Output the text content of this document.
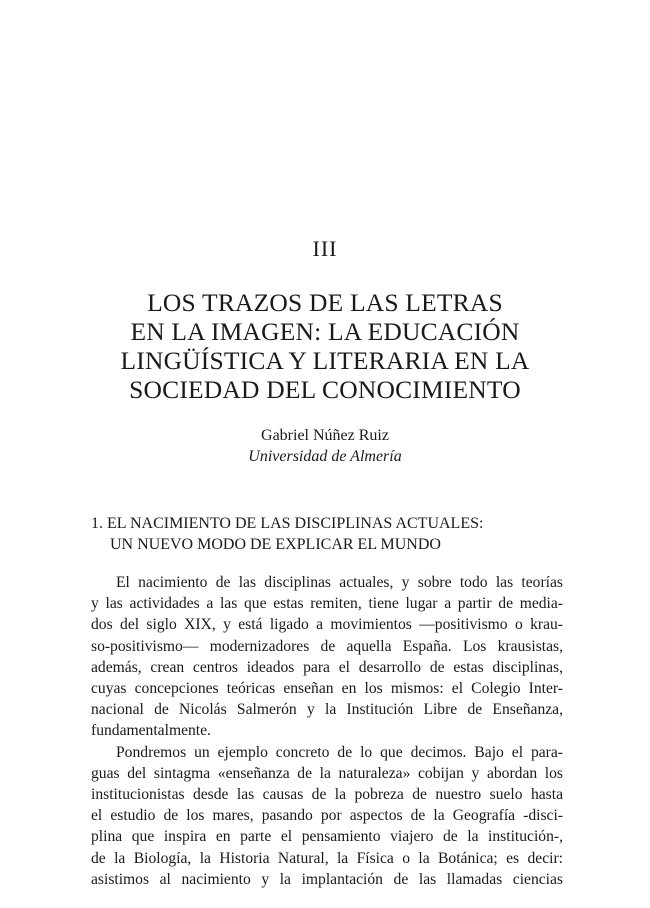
III
LOS TRAZOS DE LAS LETRAS
EN LA IMAGEN: LA EDUCACIÓN
LINGÜÍSTICA Y LITERARIA EN LA
SOCIEDAD DEL CONOCIMIENTO
Gabriel Núñez Ruiz
Universidad de Almería
1. EL NACIMIENTO DE LAS DISCIPLINAS ACTUALES:
UN NUEVO MODO DE EXPLICAR EL MUNDO
El nacimiento de las disciplinas actuales, y sobre todo las teorías
y las actividades a las que estas remiten, tiene lugar a partir de media-
dos del siglo XIX, y está ligado a movimientos —positivismo o krau-
so-positivismo— modernizadores de aquella España. Los krausistas,
además, crean centros ideados para el desarrollo de estas disciplinas,
cuyas concepciones teóricas enseñan en los mismos: el Colegio Inter-
nacional de Nicolás Salmerón y la Institución Libre de Enseñanza,
fundamentalmente.
Pondremos un ejemplo concreto de lo que decimos. Bajo el para-
guas del sintagma «enseñanza de la naturaleza» cobijan y abordan los
institucionistas desde las causas de la pobreza de nuestro suelo hasta
el estudio de los mares, pasando por aspectos de la Geografía -disci-
plina que inspira en parte el pensamiento viajero de la institución-,
de la Biología, la Historia Natural, la Física o la Botánica; es decir:
asistimos al nacimiento y la implantación de las llamadas ciencias
